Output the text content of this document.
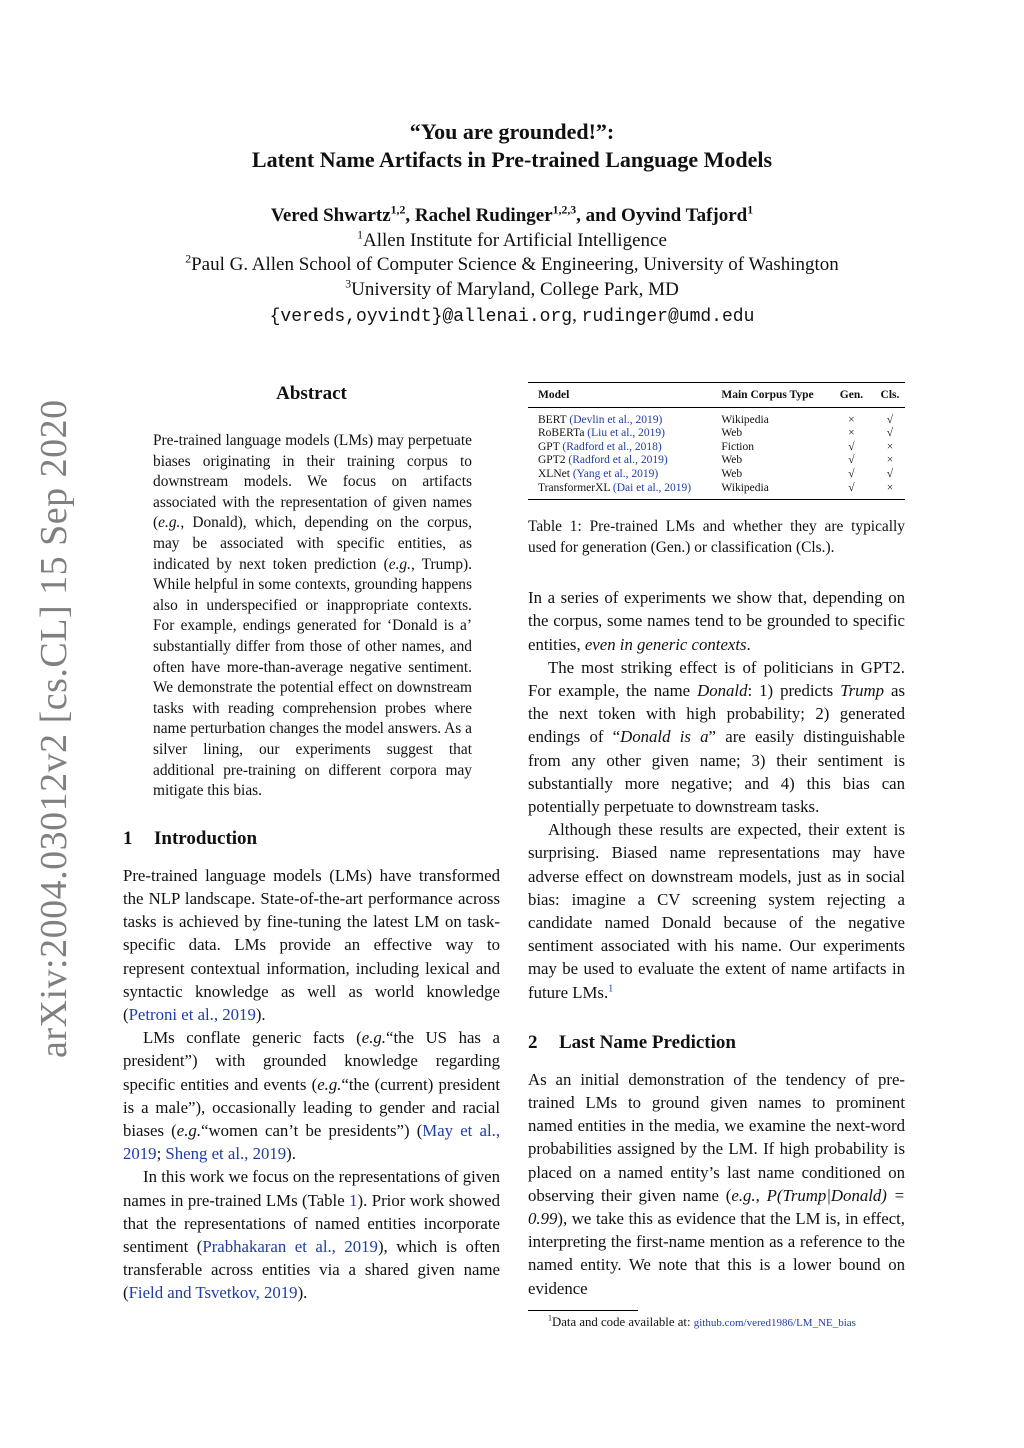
arXiv:2004.03012v2 [cs.CL] 15 Sep 2020
“You are grounded!”:
Latent Name Artifacts in Pre-trained Language Models
Vered Shwartz$^{1,2}$, Rachel Rudinger$^{1,2,3}$, and Oyvind Tafjord$^1$
$^1$Allen Institute for Artificial Intelligence
$^2$Paul G. Allen School of Computer Science & Engineering, University of Washington
$^3$University of Maryland, College Park, MD
{vereds,oyvindt}@allenai.org, rudinger@umd.edu
Abstract

Pre-trained language models (LMs) may perpetuate biases originating in their training corpus to downstream models. We focus on artifacts associated with the representation of given names (e.g., Donald), which, depending on the corpus, may be associated with specific entities, as indicated by next token prediction (e.g., Trump). While helpful in some contexts, grounding happens also in underspecified or inappropriate contexts. For example, endings generated for ‘Donald is a’ substantially differ from those of other names, and often have more-than-average negative sentiment. We demonstrate the potential effect on downstream tasks with reading comprehension probes where name perturbation changes the model answers. As a silver lining, our experiments suggest that additional pre-training on different corpora may mitigate this bias.

1 Introduction

Pre-trained language models (LMs) have transformed the NLP landscape. State-of-the-art performance across tasks is achieved by fine-tuning the latest LM on task-specific data. LMs provide an effective way to represent contextual information, including lexical and syntactic knowledge as well as world knowledge (Petroni et al., 2019).

LMs conflate generic facts (e.g.“the US has a president”) with grounded knowledge regarding specific entities and events (e.g.“the (current) president is a male”), occasionally leading to gender and racial biases (e.g.“women can’t be presidents”) (May et al., 2019; Sheng et al., 2019).

In this work we focus on the representations of given names in pre-trained LMs (Table 1). Prior work showed that the representations of named entities incorporate sentiment (Prabhakaran et al., 2019), which is often transferable across entities via a shared given name (Field and Tsvetkov, 2019).

Model	Main Corpus Type	Gen.	Cls.
BERT (Devlin et al., 2019)	Wikipedia	×	√
RoBERTa (Liu et al., 2019)	Web	×	√
GPT (Radford et al., 2018)	Fiction	√	×
GPT2 (Radford et al., 2019)	Web	√	×
XLNet (Yang et al., 2019)	Web	√	√
TransformerXL (Dai et al., 2019)	Wikipedia	√	×
Table 1: Pre-trained LMs and whether they are typically used for generation (Gen.) or classification (Cls.).

In a series of experiments we show that, depending on the corpus, some names tend to be grounded to specific entities, even in generic contexts.

The most striking effect is of politicians in GPT2. For example, the name Donald: 1) predicts Trump as the next token with high probability; 2) generated endings of “Donald is a” are easily distinguishable from any other given name; 3) their sentiment is substantially more negative; and 4) this bias can potentially perpetuate to downstream tasks.

Although these results are expected, their extent is surprising. Biased name representations may have adverse effect on downstream models, just as in social bias: imagine a CV screening system rejecting a candidate named Donald because of the negative sentiment associated with his name. Our experiments may be used to evaluate the extent of name artifacts in future LMs.$^1$

2 Last Name Prediction

As an initial demonstration of the tendency of pre-trained LMs to ground given names to prominent named entities in the media, we examine the next-word probabilities assigned by the LM. If high probability is placed on a named entity’s last name conditioned on observing their given name (e.g., P(Trump|Donald) = 0.99), we take this as evidence that the LM is, in effect, interpreting the first-name mention as a reference to the named entity. We note that this is a lower bound on evidence

$^1$Data and code available at: github.com/vered1986/LM_NE_bias
